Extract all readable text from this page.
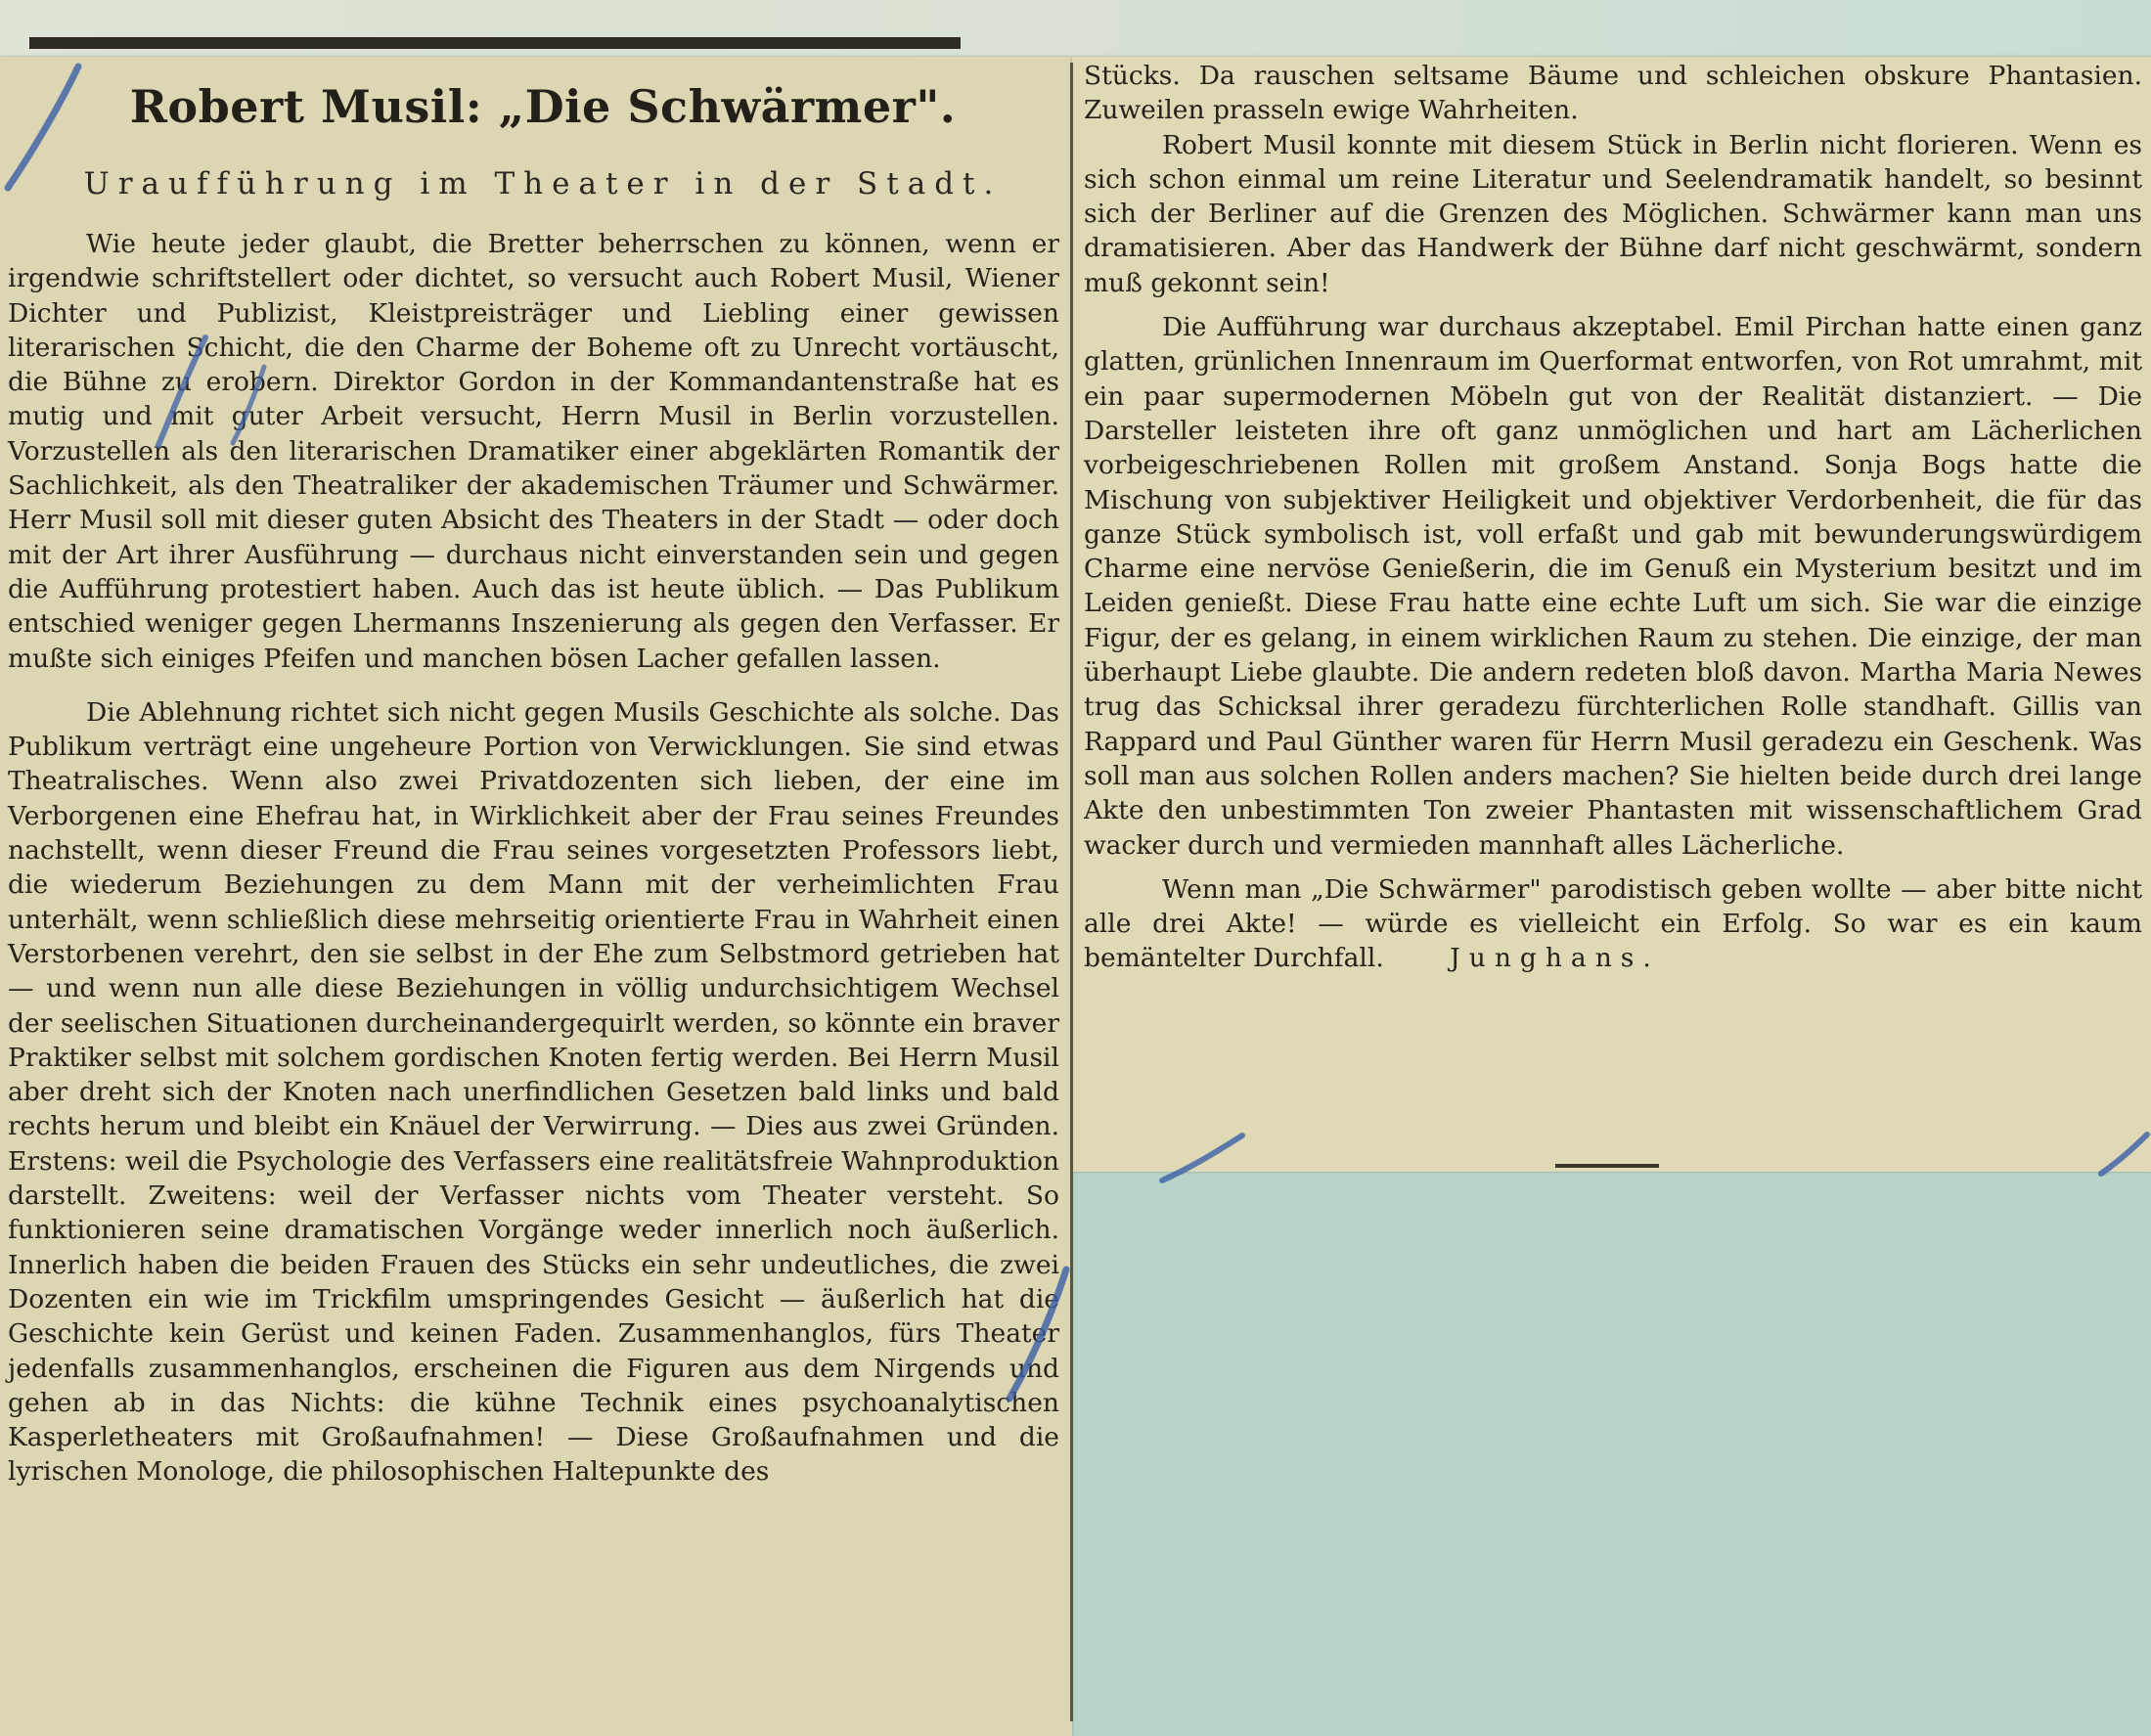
Robert Musil: „Die Schwärmer".
Uraufführung im Theater in der Stadt.

Wie heute jeder glaubt, die Bretter beherrschen zu können, wenn er irgendwie schriftstellert oder dichtet, so versucht auch Robert Musil, Wiener Dichter und Publizist, Kleistpreisträger und Liebling einer gewissen literarischen Schicht, die den Charme der Boheme oft zu Unrecht vortäuscht, die Bühne zu erobern. Direktor Gordon in der Kommandantenstraße hat es mutig und mit guter Arbeit versucht, Herrn Musil in Berlin vorzustellen. Vorzustellen als den literarischen Dramatiker einer abgeklärten Romantik der Sachlichkeit, als den Theatraliker der akademischen Träumer und Schwärmer. Herr Musil soll mit dieser guten Absicht des Theaters in der Stadt — oder doch mit der Art ihrer Ausführung — durchaus nicht einverstanden sein und gegen die Aufführung protestiert haben. Auch das ist heute üblich. — Das Publikum entschied weniger gegen Lhermanns Inszenierung als gegen den Verfasser. Er mußte sich einiges Pfeifen und manchen bösen Lacher gefallen lassen.

Die Ablehnung richtet sich nicht gegen Musils Geschichte als solche. Das Publikum verträgt eine ungeheure Portion von Verwicklungen. Sie sind etwas Theatralisches. Wenn also zwei Privatdozenten sich lieben, der eine im Verborgenen eine Ehefrau hat, in Wirklichkeit aber der Frau seines Freundes nachstellt, wenn dieser Freund die Frau seines vorgesetzten Professors liebt, die wiederum Beziehungen zu dem Mann mit der verheimlichten Frau unterhält, wenn schließlich diese mehrseitig orientierte Frau in Wahrheit einen Verstorbenen verehrt, den sie selbst in der Ehe zum Selbstmord getrieben hat — und wenn nun alle diese Beziehungen in völlig undurchsichtigem Wechsel der seelischen Situationen durcheinandergequirlt werden, so könnte ein braver Praktiker selbst mit solchem gordischen Knoten fertig werden. Bei Herrn Musil aber dreht sich der Knoten nach unerfindlichen Gesetzen bald links und bald rechts herum und bleibt ein Knäuel der Verwirrung. — Dies aus zwei Gründen. Erstens: weil die Psychologie des Verfassers eine realitätsfreie Wahnproduktion darstellt. Zweitens: weil der Verfasser nichts vom Theater versteht. So funktionieren seine dramatischen Vorgänge weder innerlich noch äußerlich. Innerlich haben die beiden Frauen des Stücks ein sehr undeutliches, die zwei Dozenten ein wie im Trickfilm umspringendes Gesicht — äußerlich hat die Geschichte kein Gerüst und keinen Faden. Zusammenhanglos, fürs Theater jedenfalls zusammenhanglos, erscheinen die Figuren aus dem Nirgends und gehen ab in das Nichts: die kühne Technik eines psychoanalytischen Kasperletheaters mit Großaufnahmen! — Diese Großaufnahmen und die lyrischen Monologe, die philosophischen Haltepunkte des

Stücks. Da rauschen seltsame Bäume und schleichen obskure Phantasien. Zuweilen prasseln ewige Wahrheiten.

Robert Musil konnte mit diesem Stück in Berlin nicht florieren. Wenn es sich schon einmal um reine Literatur und Seelendramatik handelt, so besinnt sich der Berliner auf die Grenzen des Möglichen. Schwärmer kann man uns dramatisieren. Aber das Handwerk der Bühne darf nicht geschwärmt, sondern muß gekonnt sein!

Die Aufführung war durchaus akzeptabel. Emil Pirchan hatte einen ganz glatten, grünlichen Innenraum im Querformat entworfen, von Rot umrahmt, mit ein paar supermodernen Möbeln gut von der Realität distanziert. — Die Darsteller leisteten ihre oft ganz unmöglichen und hart am Lächerlichen vorbeigeschriebenen Rollen mit großem Anstand. Sonja Bogs hatte die Mischung von subjektiver Heiligkeit und objektiver Verdorbenheit, die für das ganze Stück symbolisch ist, voll erfaßt und gab mit bewunderungswürdigem Charme eine nervöse Genießerin, die im Genuß ein Mysterium besitzt und im Leiden genießt. Diese Frau hatte eine echte Luft um sich. Sie war die einzige Figur, der es gelang, in einem wirklichen Raum zu stehen. Die einzige, der man überhaupt Liebe glaubte. Die andern redeten bloß davon. Martha Maria Newes trug das Schicksal ihrer geradezu fürchterlichen Rolle standhaft. Gillis van Rappard und Paul Günther waren für Herrn Musil geradezu ein Geschenk. Was soll man aus solchen Rollen anders machen? Sie hielten beide durch drei lange Akte den unbestimmten Ton zweier Phantasten mit wissenschaftlichem Grad wacker durch und vermieden mannhaft alles Lächerliche.

Wenn man „Die Schwärmer" parodistisch geben wollte — aber bitte nicht alle drei Akte! — würde es vielleicht ein Erfolg. So war es ein kaum bemäntelter Durchfall.	Junghans.
